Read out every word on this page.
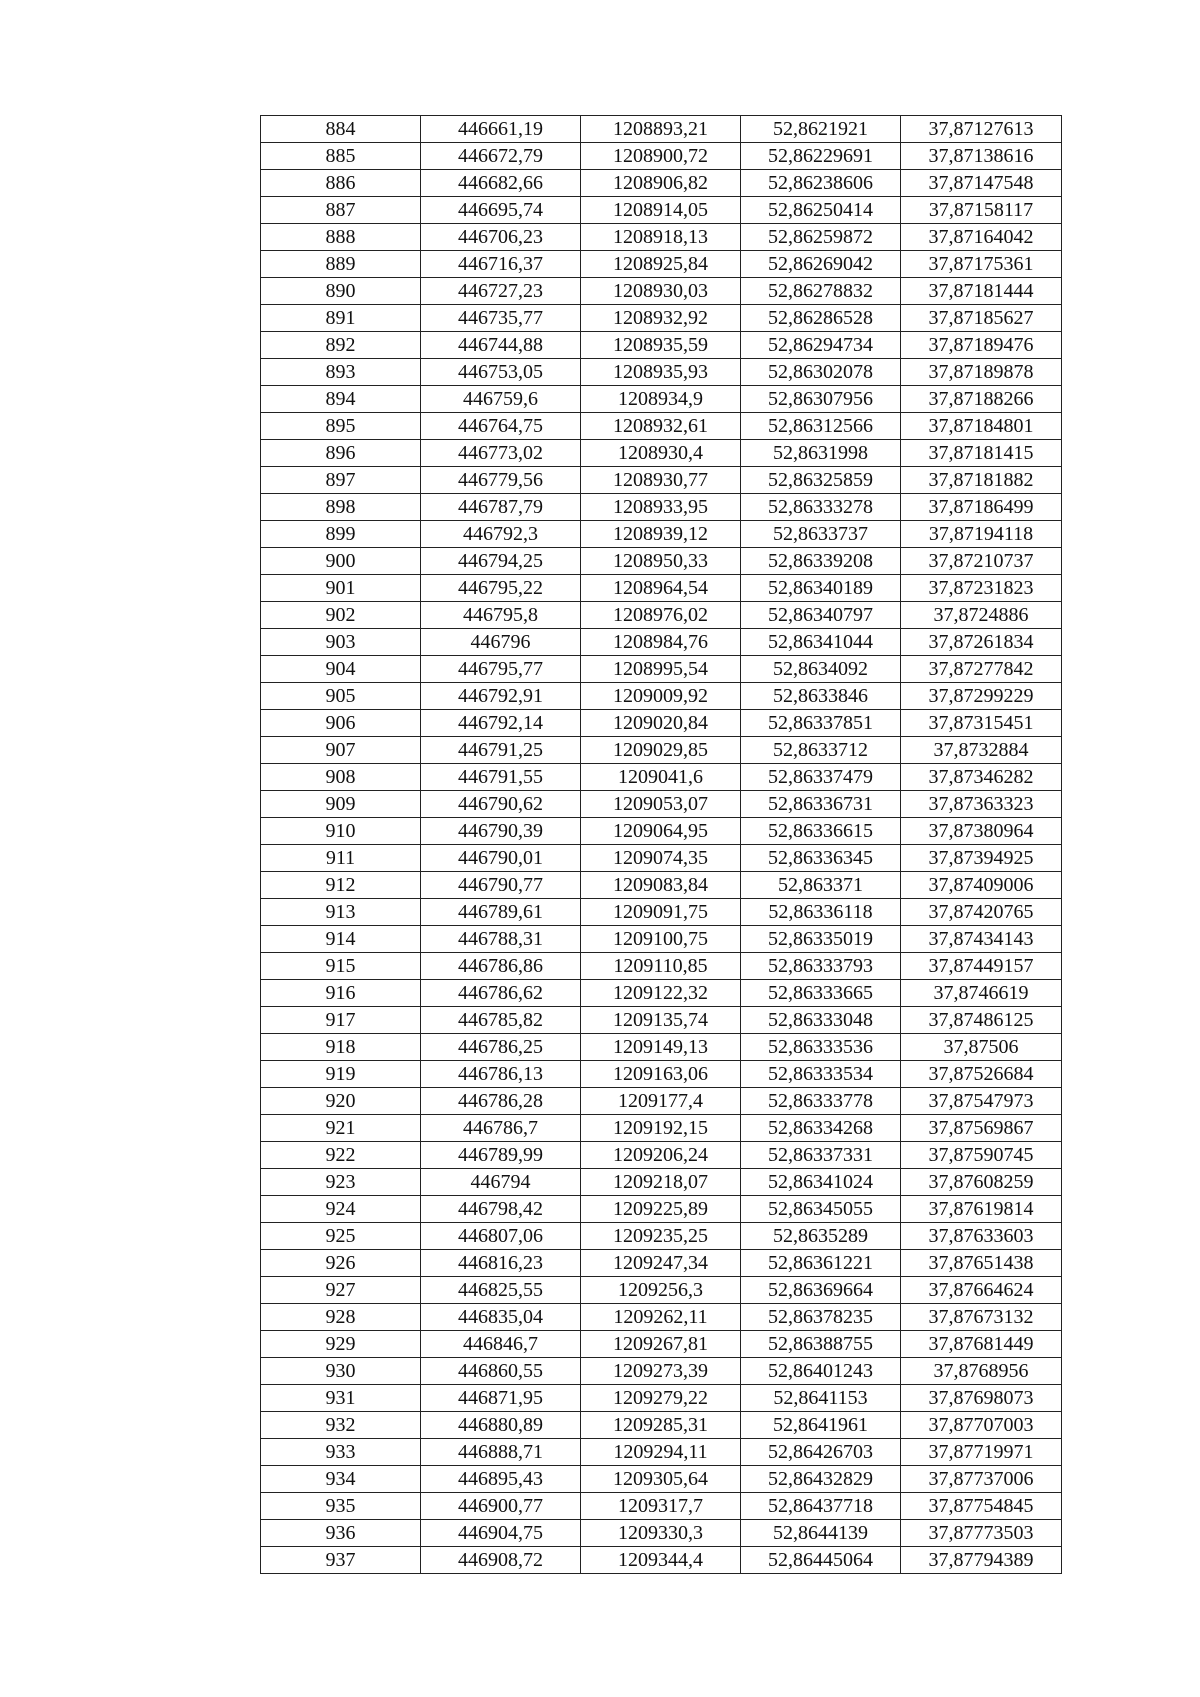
884	446661,19	1208893,21	52,8621921	37,87127613
885	446672,79	1208900,72	52,86229691	37,87138616
886	446682,66	1208906,82	52,86238606	37,87147548
887	446695,74	1208914,05	52,86250414	37,87158117
888	446706,23	1208918,13	52,86259872	37,87164042
889	446716,37	1208925,84	52,86269042	37,87175361
890	446727,23	1208930,03	52,86278832	37,87181444
891	446735,77	1208932,92	52,86286528	37,87185627
892	446744,88	1208935,59	52,86294734	37,87189476
893	446753,05	1208935,93	52,86302078	37,87189878
894	446759,6	1208934,9	52,86307956	37,87188266
895	446764,75	1208932,61	52,86312566	37,87184801
896	446773,02	1208930,4	52,8631998	37,87181415
897	446779,56	1208930,77	52,86325859	37,87181882
898	446787,79	1208933,95	52,86333278	37,87186499
899	446792,3	1208939,12	52,8633737	37,87194118
900	446794,25	1208950,33	52,86339208	37,87210737
901	446795,22	1208964,54	52,86340189	37,87231823
902	446795,8	1208976,02	52,86340797	37,8724886
903	446796	1208984,76	52,86341044	37,87261834
904	446795,77	1208995,54	52,8634092	37,87277842
905	446792,91	1209009,92	52,8633846	37,87299229
906	446792,14	1209020,84	52,86337851	37,87315451
907	446791,25	1209029,85	52,8633712	37,8732884
908	446791,55	1209041,6	52,86337479	37,87346282
909	446790,62	1209053,07	52,86336731	37,87363323
910	446790,39	1209064,95	52,86336615	37,87380964
911	446790,01	1209074,35	52,86336345	37,87394925
912	446790,77	1209083,84	52,863371	37,87409006
913	446789,61	1209091,75	52,86336118	37,87420765
914	446788,31	1209100,75	52,86335019	37,87434143
915	446786,86	1209110,85	52,86333793	37,87449157
916	446786,62	1209122,32	52,86333665	37,8746619
917	446785,82	1209135,74	52,86333048	37,87486125
918	446786,25	1209149,13	52,86333536	37,87506
919	446786,13	1209163,06	52,86333534	37,87526684
920	446786,28	1209177,4	52,86333778	37,87547973
921	446786,7	1209192,15	52,86334268	37,87569867
922	446789,99	1209206,24	52,86337331	37,87590745
923	446794	1209218,07	52,86341024	37,87608259
924	446798,42	1209225,89	52,86345055	37,87619814
925	446807,06	1209235,25	52,8635289	37,87633603
926	446816,23	1209247,34	52,86361221	37,87651438
927	446825,55	1209256,3	52,86369664	37,87664624
928	446835,04	1209262,11	52,86378235	37,87673132
929	446846,7	1209267,81	52,86388755	37,87681449
930	446860,55	1209273,39	52,86401243	37,8768956
931	446871,95	1209279,22	52,8641153	37,87698073
932	446880,89	1209285,31	52,8641961	37,87707003
933	446888,71	1209294,11	52,86426703	37,87719971
934	446895,43	1209305,64	52,86432829	37,87737006
935	446900,77	1209317,7	52,86437718	37,87754845
936	446904,75	1209330,3	52,8644139	37,87773503
937	446908,72	1209344,4	52,86445064	37,87794389
